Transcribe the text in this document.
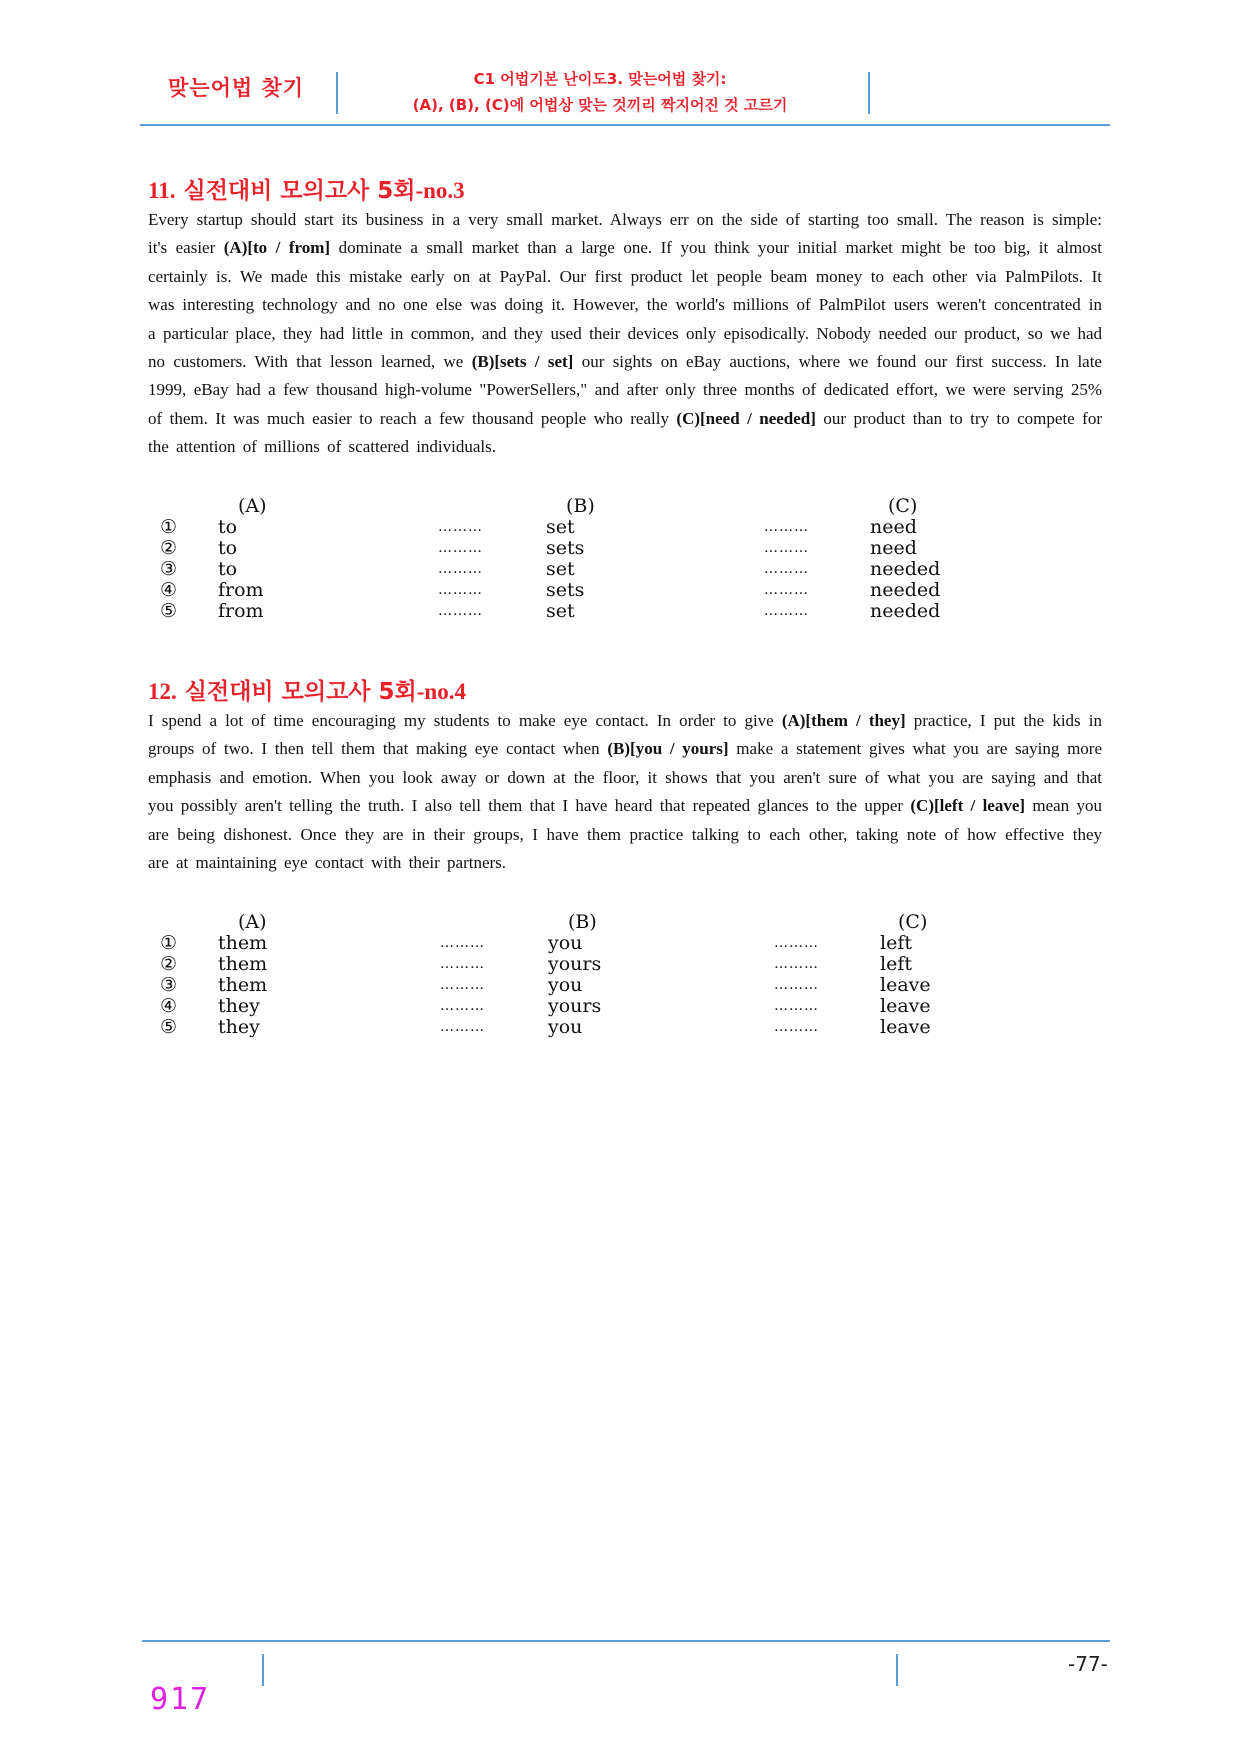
맞는어법 찾기	C1 어법기본 난이도3. 맞는어법 찾기:
(A), (B), (C)에 어법상 맞는 것끼리 짝지어진 것 고르기
11. 실전대비 모의고사 5회-no.3
Every startup should start its business in a very small market. Always err on the side of starting too small. The reason is simple: it's easier (A)[to / from] dominate a small market than a large one. If you think your initial market might be too big, it almost certainly is. We made this mistake early on at PayPal. Our first product let people beam money to each other via PalmPilots. It was interesting technology and no one else was doing it. However, the world's millions of PalmPilot users weren't concentrated in a particular place, they had little in common, and they used their devices only episodically. Nobody needed our product, so we had no customers. With that lesson learned, we (B)[sets / set] our sights on eBay auctions, where we found our first success. In late 1999, eBay had a few thousand high-volume "PowerSellers," and after only three months of dedicated effort, we were serving 25% of them. It was much easier to reach a few thousand people who really (C)[need / needed] our product than to try to compete for the attention of millions of scattered individuals.
(A)	(B)	(C)
① to	………	set	………	need
② to	………	sets	………	need
③ to	………	set	………	needed
④ from	………	sets	………	needed
⑤ from	………	set	………	needed
12. 실전대비 모의고사 5회-no.4
I spend a lot of time encouraging my students to make eye contact. In order to give (A)[them / they] practice, I put the kids in groups of two. I then tell them that making eye contact when (B)[you / yours] make a statement gives what you are saying more emphasis and emotion. When you look away or down at the floor, it shows that you aren't sure of what you are saying and that you possibly aren't telling the truth. I also tell them that I have heard that repeated glances to the upper (C)[left / leave] mean you are being dishonest. Once they are in their groups, I have them practice talking to each other, taking note of how effective they are at maintaining eye contact with their partners.
(A)	(B)	(C)
① them	………	you	………	left
② them	………	yours	………	left
③ them	………	you	………	leave
④ they	………	yours	………	leave
⑤ they	………	you	………	leave
-77-
917
